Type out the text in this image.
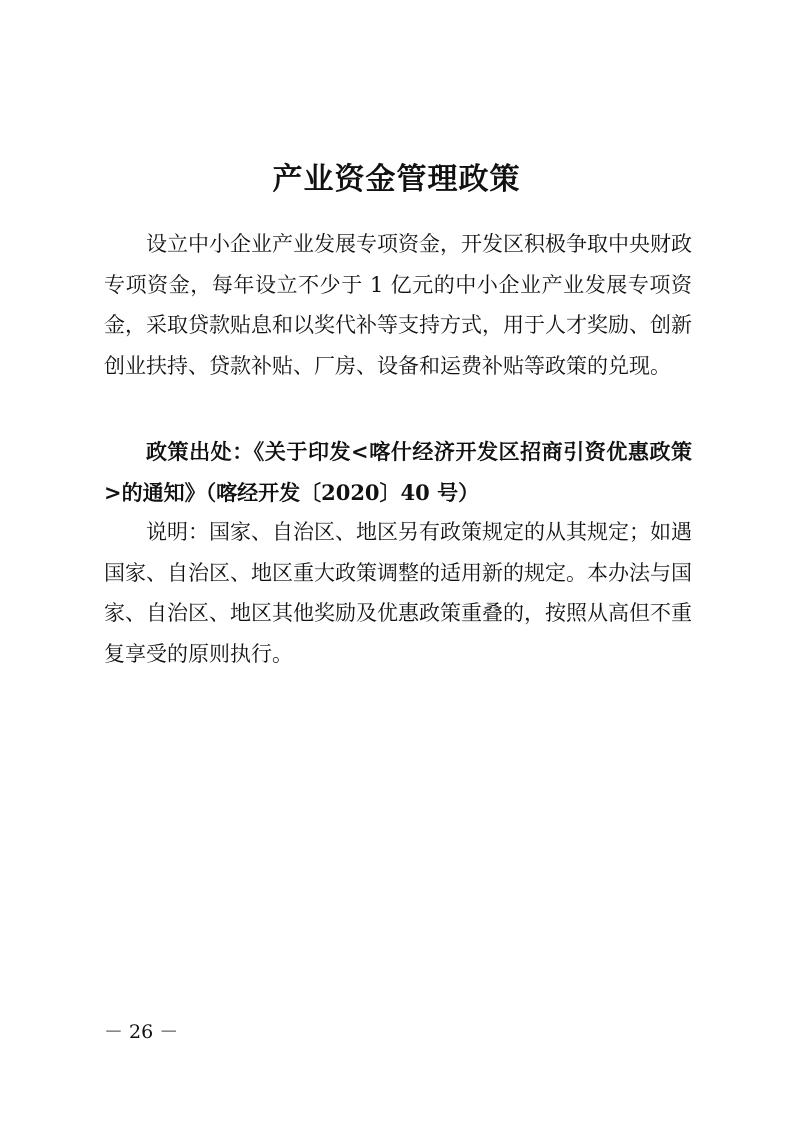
产业资金管理政策

设立中小企业产业发展专项资金，开发区积极争取中央财政专项资金，每年设立不少于 1 亿元的中小企业产业发展专项资金，采取贷款贴息和以奖代补等支持方式，用于人才奖励、创新创业扶持、贷款补贴、厂房、设备和运费补贴等政策的兑现。

政策出处：《关于印发<喀什经济开发区招商引资优惠政策>的通知》（喀经开发〔2020〕40 号）

说明：国家、自治区、地区另有政策规定的从其规定；如遇国家、自治区、地区重大政策调整的适用新的规定。本办法与国家、自治区、地区其他奖励及优惠政策重叠的，按照从高但不重复享受的原则执行。

－ 26 －
